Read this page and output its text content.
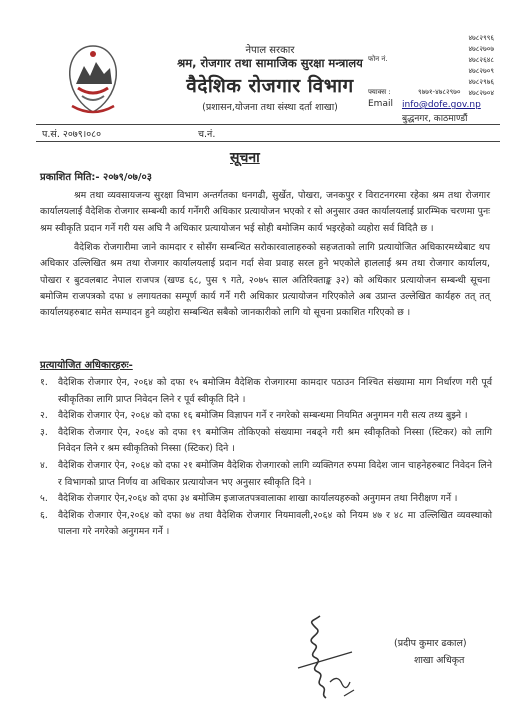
नेपाल सरकार
श्रम, रोजगार तथा सामाजिक सुरक्षा मन्त्रालय
वैदेशिक रोजगार विभाग
(प्रशासन,योजना तथा संस्था दर्ता शाखा)
४७८२९९६
४७८२७०७
४७८२६४८
४७८२७०९
४७८२९७६
४७८२७०४
फोन नं.
फ्याक्स :	९७७१-४७८२९७०
Email info@dofe.gov.np
बुद्धनगर, काठमाण्डौं
प.सं. २०७९।०८०	च.नं.
सूचना
प्रकाशित मिति:- २०७९/०७/०३
श्रम तथा व्यवसायजन्य सुरक्षा विभाग अन्तर्गतका धनगढी, सुर्खेत, पोखरा, जनकपुर र विराटनगरमा रहेका श्रम तथा रोजगार कार्यालयलाई वैदेशिक रोजगार सम्बन्धी कार्य गर्नेगरी अधिकार प्रत्यायोजन भएको र सो अनुसार उक्त कार्यालयलाई प्रारम्भिक चरणमा पुनः श्रम स्वीकृति प्रदान गर्ने गरी यस अघि नै अधिकार प्रत्यायोजन भई सोही बमोजिम कार्य भइरहेको व्यहोरा सर्व विदितै छ ।
वैदेशिक रोजगारीमा जाने कामदार र सोसँग सम्बन्धित सरोकारवालाहरुको सहजताको लागि प्रत्यायोजित अधिकारमध्येबाट थप अधिकार उल्लिखित श्रम तथा रोजगार कार्यालयलाई प्रदान गर्दा सेवा प्रवाह सरल हुने भएकोले हाललाई श्रम तथा रोजगार कार्यालय, पोखरा र बुटवलबाट नेपाल राजपत्र (खण्ड ६८, पुस ९ गते, २०७५ साल अतिरिक्ताङ्क ३२) को अधिकार प्रत्यायोजन सम्बन्धी सूचना बमोजिम राजपत्रको दफा ४ लगायतका सम्पूर्ण कार्य गर्ने गरी अधिकार प्रत्यायोजन गरिएकोले अब उप्रान्त उल्लेखित कार्यहरु तत् तत् कार्यालयहरुबाट समेत सम्पादन हुने व्यहोरा सम्बन्धित सबैको जानकारीको लागि यो सूचना प्रकाशित गरिएको छ ।
प्रत्यायोजित अधिकारहरुः-
१.	वैदेशिक रोजगार ऐन, २०६४ को दफा १५ बमोजिम वैदेशिक रोजगारमा कामदार पठाउन निश्चित संख्यामा माग निर्धारण गरी पूर्व स्वीकृतिका लागि प्राप्त निवेदन लिने र पूर्व स्वीकृति दिने ।
२.	वैदेशिक रोजगार ऐन, २०६४ को दफा १६ बमोजिम विज्ञापन गर्ने र नगरेको सम्बन्धमा नियमित अनुगमन गरी सत्य तथ्य बुझ्ने ।
३.	वैदेशिक रोजगार ऐन, २०६४ को दफा १९ बमोजिम तोकिएको संख्यामा नबढ्ने गरी श्रम स्वीकृतिको निस्सा (स्टिकर) को लागि निवेदन लिने र श्रम स्वीकृतिको निस्सा (स्टिकर) दिने ।
४.	वैदेशिक रोजगार ऐन, २०६४ को दफा २१ बमोजिम वैदेशिक रोजगारको लागि व्यक्तिगत रुपमा विदेश जान चाहनेहरुबाट निवेदन लिने र विभागको प्राप्त निर्णय वा अधिकार प्रत्यायोजन भए अनुसार स्वीकृति दिने ।
५.	वैदेशिक रोजगार ऐन,२०६४ को दफा ३४ बमोजिम इजाजतपत्रवालाका शाखा कार्यालयहरुको अनुगमन तथा निरीक्षण गर्ने ।
६.	वैदेशिक रोजगार ऐन,२०६४ को दफा ७४ तथा वैदेशिक रोजगार नियमावली,२०६४ को नियम ४७ र ४८ मा उल्लिखित व्यवस्थाको पालना गरे नगरेको अनुगमन गर्ने ।
(प्रदीप कुमार ढकाल)
शाखा अधिकृत
